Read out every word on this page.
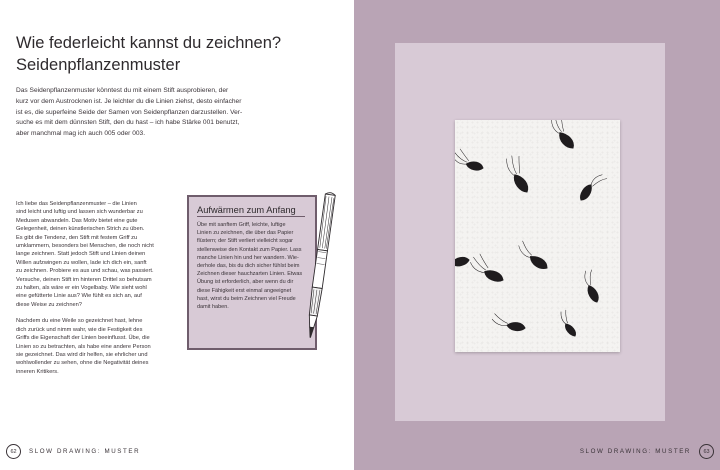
Wie federleicht kannst du zeichnen?
Seidenpflanzenmuster

Das Seidenpflanzenmuster könntest du mit einem Stift ausprobieren, der

kurz vor dem Austrocknen ist. Je leichter du die Linien ziehst, desto einfacher

ist es, die superfeine Seide der Samen von Seidenpflanzen darzustellen. Ver-

suche es mit dem dünnsten Stift, den du hast – ich habe Stärke 001 benutzt,

aber manchmal mag ich auch 005 oder 003.

Ich liebe das Seidenpflanzenmuster – die Linien
sind leicht und luftig und lassen sich wunderbar zu
Medusen abwandeln. Das Motiv bietet eine gute
Gelegenheit, deinen künstlerischen Strich zu üben.
Es gibt die Tendenz, den Stift mit festem Griff zu
umklammern, besonders bei Menschen, die noch nicht
lange zeichnen. Statt jedoch Stift und Linien deinen
Willen aufzwingen zu wollen, lade ich dich ein, sanft
zu zeichnen. Probiere es aus und schau, was passiert.
Versuche, deinen Stift im hinteren Drittel so behutsam
zu halten, als wäre er ein Vogelbaby. Wie sieht wohl
eine gefütterte Linie aus? Wie fühlt es sich an, auf
diese Weise zu zeichnen?

Nachdem du eine Weile so gezeichnet hast, lehne
dich zurück und nimm wahr, wie die Festigkeit des
Griffs die Eigenschaft der Linien beeinflusst. Übe, die
Linien so zu betrachten, als habe eine andere Person
sie gezeichnet. Das wird dir helfen, sie ehrlicher und
wohlwollender zu sehen, ohne die Negativität deines
inneren Kritikers.

Aufwärmen zum Anfang

Übe mit sanftem Griff, leichte, luftige
Linien zu zeichnen, die über das Papier
flüstern; der Stift verliert vielleicht sogar
stellenweise den Kontakt zum Papier. Lass
manche Linien hin und her wandern. Wie-
derhole das, bis du dich sicher fühlst beim
Zeichnen dieser hauchzarten Linien. Etwas
Übung ist erforderlich, aber wenn du dir
diese Fähigkeit erst einmal angeeignet
hast, wirst du beim Zeichnen viel Freude
damit haben.

62	SLOW DRAWING: MUSTER	SLOW DRAWING: MUSTER	63
